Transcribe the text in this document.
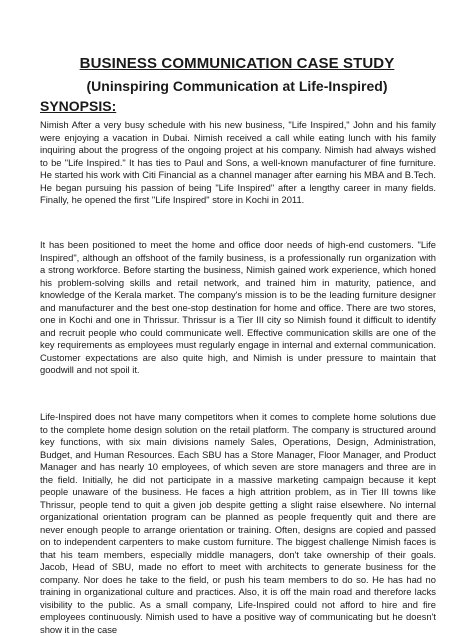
BUSINESS COMMUNICATION CASE STUDY
(Uninspiring Communication at Life-Inspired)
SYNOPSIS:

Nimish After a very busy schedule with his new business, "Life Inspired," John and his family were enjoying a vacation in Dubai. Nimish received a call while eating lunch with his family inquiring about the progress of the ongoing project at his company. Nimish had always wished to be "Life Inspired." It has ties to Paul and Sons, a well-known manufacturer of fine furniture. He started his work with Citi Financial as a channel manager after earning his MBA and B.Tech. He began pursuing his passion of being "Life Inspired" after a lengthy career in many fields. Finally, he opened the first "Life Inspired" store in Kochi in 2011.

It has been positioned to meet the home and office door needs of high-end customers. "Life Inspired", although an offshoot of the family business, is a professionally run organization with a strong workforce. Before starting the business, Nimish gained work experience, which honed his problem-solving skills and retail network, and trained him in maturity, patience, and knowledge of the Kerala market. The company's mission is to be the leading furniture designer and manufacturer and the best one-stop destination for home and office. There are two stores, one in Kochi and one in Thrissur. Thrissur is a Tier III city so Nimish found it difficult to identify and recruit people who could communicate well. Effective communication skills are one of the key requirements as employees must regularly engage in internal and external communication. Customer expectations are also quite high, and Nimish is under pressure to maintain that goodwill and not spoil it.

Life-Inspired does not have many competitors when it comes to complete home solutions due to the complete home design solution on the retail platform. The company is structured around key functions, with six main divisions namely Sales, Operations, Design, Administration, Budget, and Human Resources. Each SBU has a Store Manager, Floor Manager, and Product Manager and has nearly 10 employees, of which seven are store managers and three are in the field. Initially, he did not participate in a massive marketing campaign because it kept people unaware of the business. He faces a high attrition problem, as in Tier III towns like Thrissur, people tend to quit a given job despite getting a slight raise elsewhere. No internal organizational orientation program can be planned as people frequently quit and there are never enough people to arrange orientation or training. Often, designs are copied and passed on to independent carpenters to make custom furniture. The biggest challenge Nimish faces is that his team members, especially middle managers, don't take ownership of their goals. Jacob, Head of SBU, made no effort to meet with architects to generate business for the company. Nor does he take to the field, or push his team members to do so. He has had no training in organizational culture and practices. Also, it is off the main road and therefore lacks visibility to the public. As a small company, Life-Inspired could not afford to hire and fire employees continuously. Nimish used to have a positive way of communicating but he doesn't show it in the case
